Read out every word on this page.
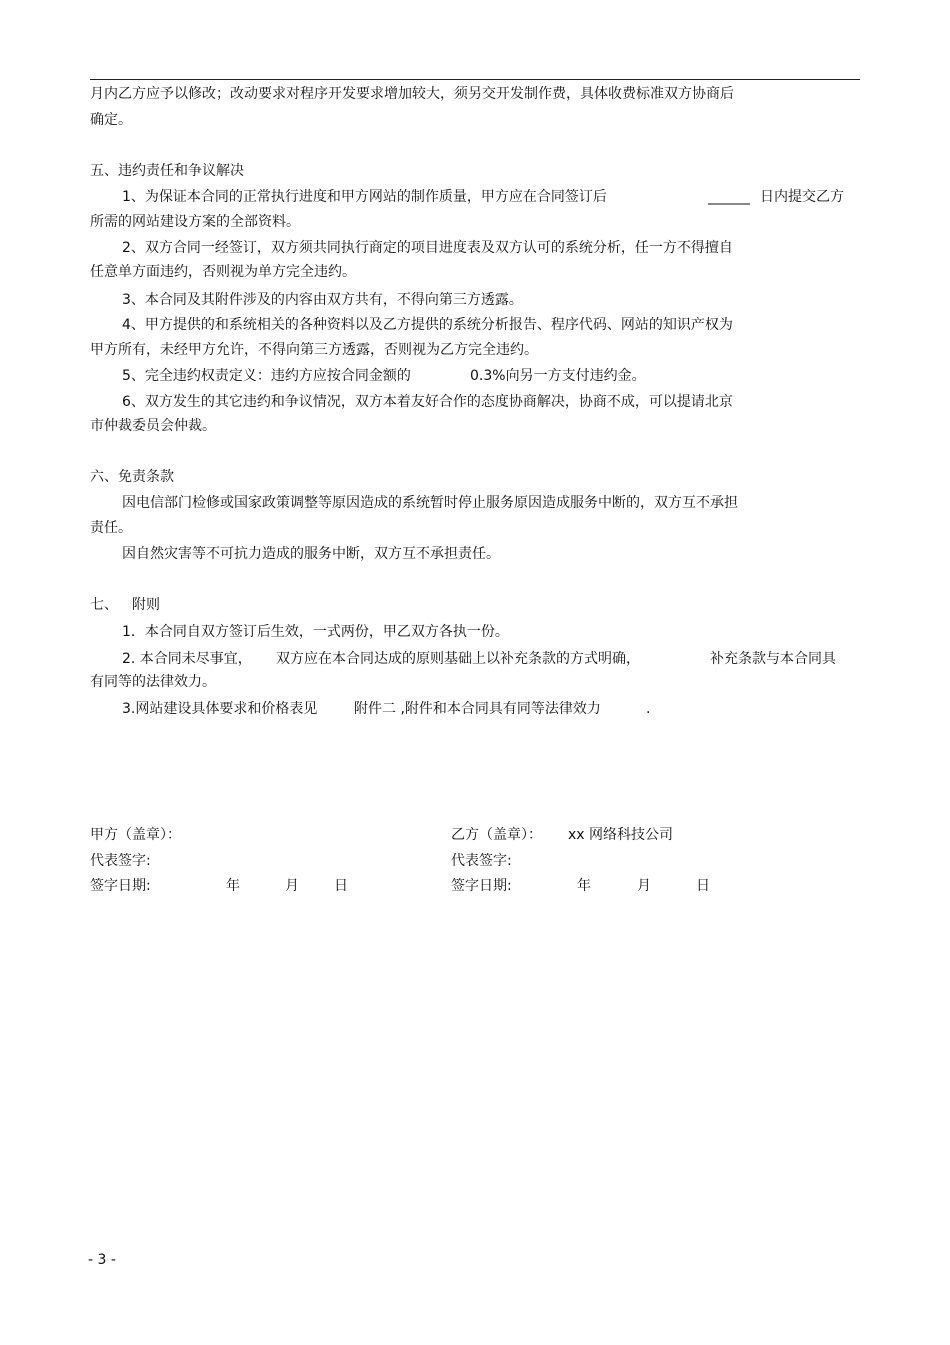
月内乙方应予以修改；改动要求对程序开发要求增加较大，须另交开发制作费，具体收费标准双方协商后
确定。
五、违约责任和争议解决
1、为保证本合同的正常执行进度和甲方网站的制作质量，甲方应在合同签订后	______ 日内提交乙方
所需的网站建设方案的全部资料。
2、双方合同一经签订，双方须共同执行商定的项目进度表及双方认可的系统分析，任一方不得擅自
任意单方面违约，否则视为单方完全违约。
3、本合同及其附件涉及的内容由双方共有，不得向第三方透露。
4、甲方提供的和系统相关的各种资料以及乙方提供的系统分析报告、程序代码、网站的知识产权为
甲方所有，未经甲方允许，不得向第三方透露，否则视为乙方完全违约。
5、完全违约权责定义：违约方应按合同金额的	0.3%向另一方支付违约金。
6、双方发生的其它违约和争议情况，双方本着友好合作的态度协商解决，协商不成，可以提请北京
市仲裁委员会仲裁。
六、免责条款
因电信部门检修或国家政策调整等原因造成的系统暂时停止服务原因造成服务中断的，双方互不承担
责任。
因自然灾害等不可抗力造成的服务中断，双方互不承担责任。
七、 附则
1．本合同自双方签订后生效，一式两份，甲乙双方各执一份。
2. 本合同未尽事宜， 双方应在本合同达成的原则基础上以补充条款的方式明确，	补充条款与本合同具
有同等的法律效力。
3.网站建设具体要求和价格表见	附件二 ,附件和本合同具有同等法律效力	.
甲方（盖章）：	乙方（盖章）： xx 网络科技公司
代表签字:	代表签字:
签字日期:	年	月	日	签字日期:	年	月	日
- 3 -
